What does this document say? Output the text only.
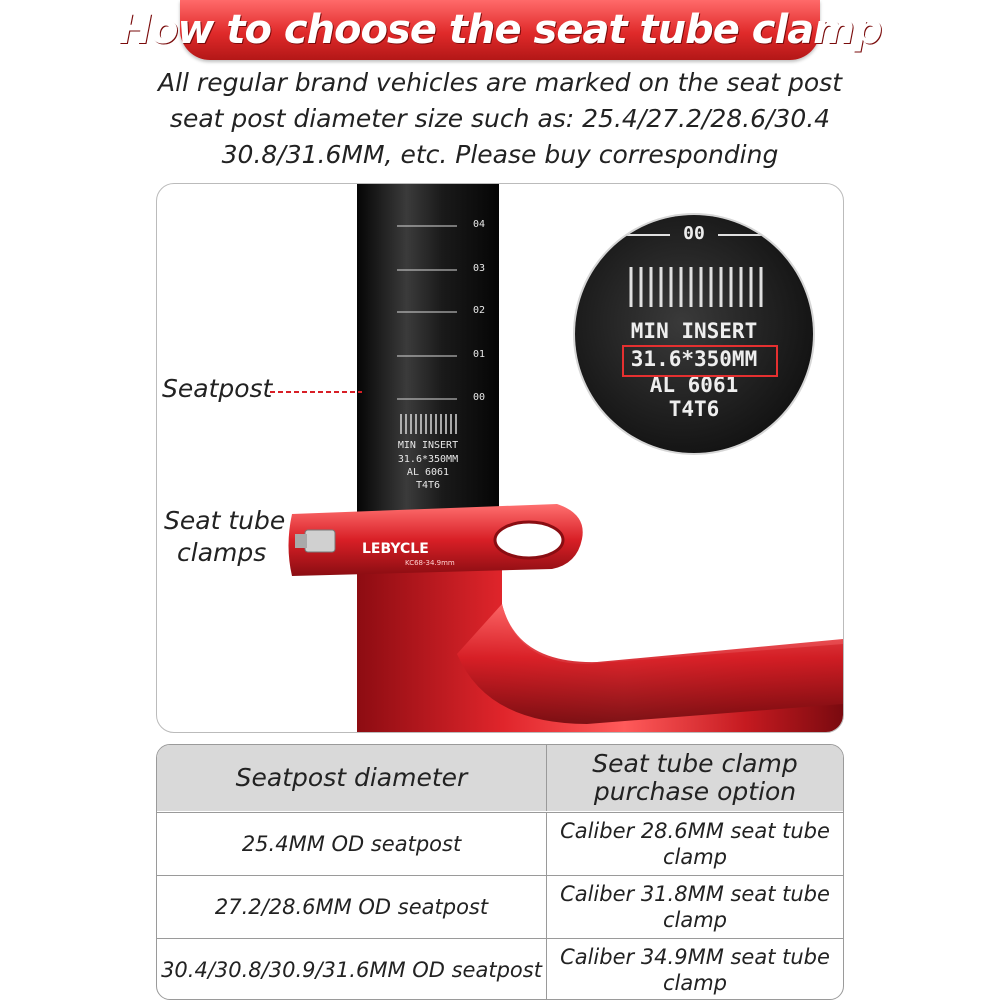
How to choose the seat tube clamp
All regular brand vehicles are marked on the seat post
seat post diameter size such as: 25.4/27.2/28.6/30.4
30.8/31.6MM, etc. Please buy corresponding
04
03
02
01
00
MIN INSERT
31.6*350MM
AL 6061
T4T6
LEBYCLE
KC68-34.9mm
Seatpost
Seat tube
clamps
00
MIN INSERT
31.6*350MM
AL 6061
T4T6
Seatpost diameter	Seat tube clamp
purchase option
25.4MM OD seatpost
Caliber 28.6MM seat tube
clamp
27.2/28.6MM OD seatpost
Caliber 31.8MM seat tube
clamp
30.4/30.8/30.9/31.6MM OD seatpost
Caliber 34.9MM seat tube
clamp
